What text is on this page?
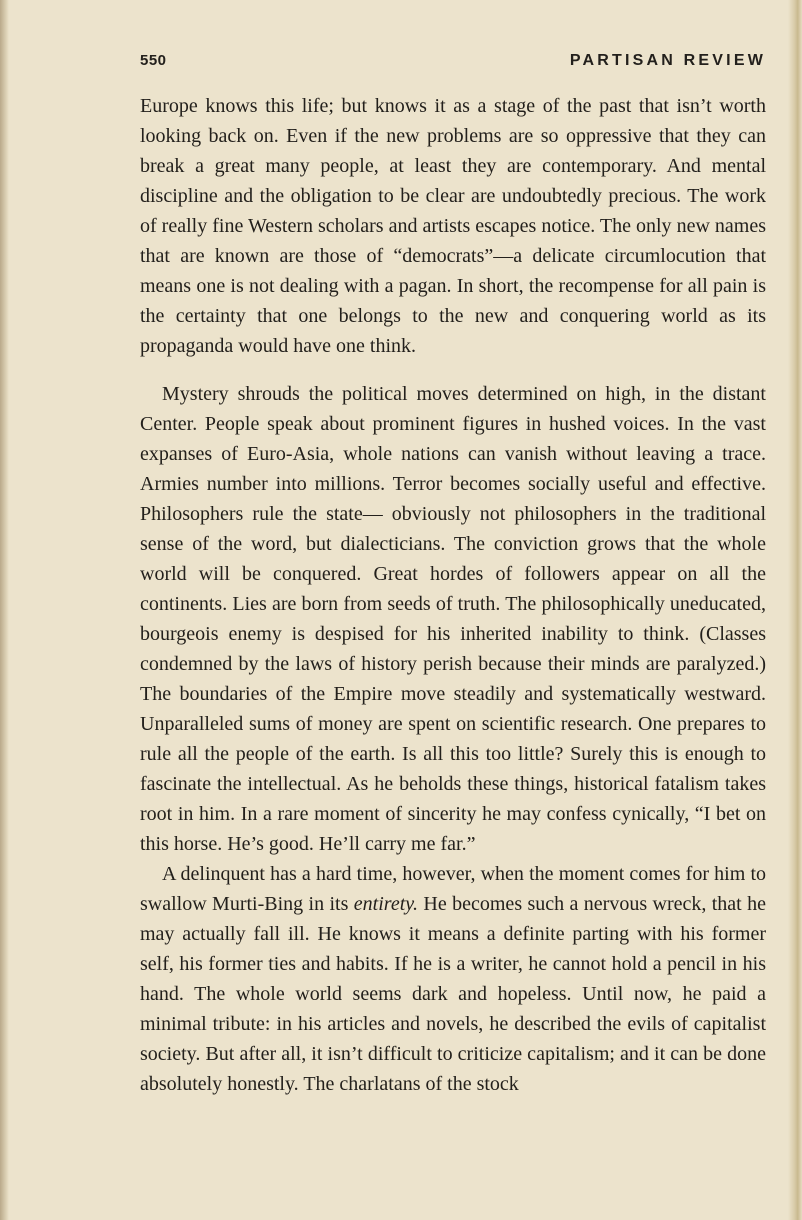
550	PARTISAN REVIEW

Europe knows this life; but knows it as a stage of the past that isn’t worth looking back on. Even if the new problems are so oppressive that they can break a great many people, at least they are contemporary. And mental discipline and the obligation to be clear are undoubtedly precious. The work of really fine Western scholars and artists escapes notice. The only new names that are known are those of “democrats”—a delicate circumlocution that means one is not dealing with a pagan. In short, the recompense for all pain is the certainty that one belongs to the new and conquering world as its propaganda would have one think.

Mystery shrouds the political moves determined on high, in the distant Center. People speak about prominent figures in hushed voices. In the vast expanses of Euro-Asia, whole nations can vanish without leaving a trace. Armies number into millions. Terror becomes socially useful and effective. Philosophers rule the state— obviously not philosophers in the traditional sense of the word, but dialecticians. The conviction grows that the whole world will be conquered. Great hordes of followers appear on all the continents. Lies are born from seeds of truth. The philosophically uneducated, bourgeois enemy is despised for his inherited inability to think. (Classes condemned by the laws of history perish because their minds are paralyzed.) The boundaries of the Empire move steadily and systematically westward. Unparalleled sums of money are spent on scientific research. One prepares to rule all the people of the earth. Is all this too little? Surely this is enough to fascinate the intellectual. As he beholds these things, historical fatalism takes root in him. In a rare moment of sincerity he may confess cynically, “I bet on this horse. He’s good. He’ll carry me far.”

A delinquent has a hard time, however, when the moment comes for him to swallow Murti-Bing in its entirety. He becomes such a nervous wreck, that he may actually fall ill. He knows it means a definite parting with his former self, his former ties and habits. If he is a writer, he cannot hold a pencil in his hand. The whole world seems dark and hopeless. Until now, he paid a minimal tribute: in his articles and novels, he described the evils of capitalist society. But after all, it isn’t difficult to criticize capitalism; and it can be done absolutely honestly. The charlatans of the stock
